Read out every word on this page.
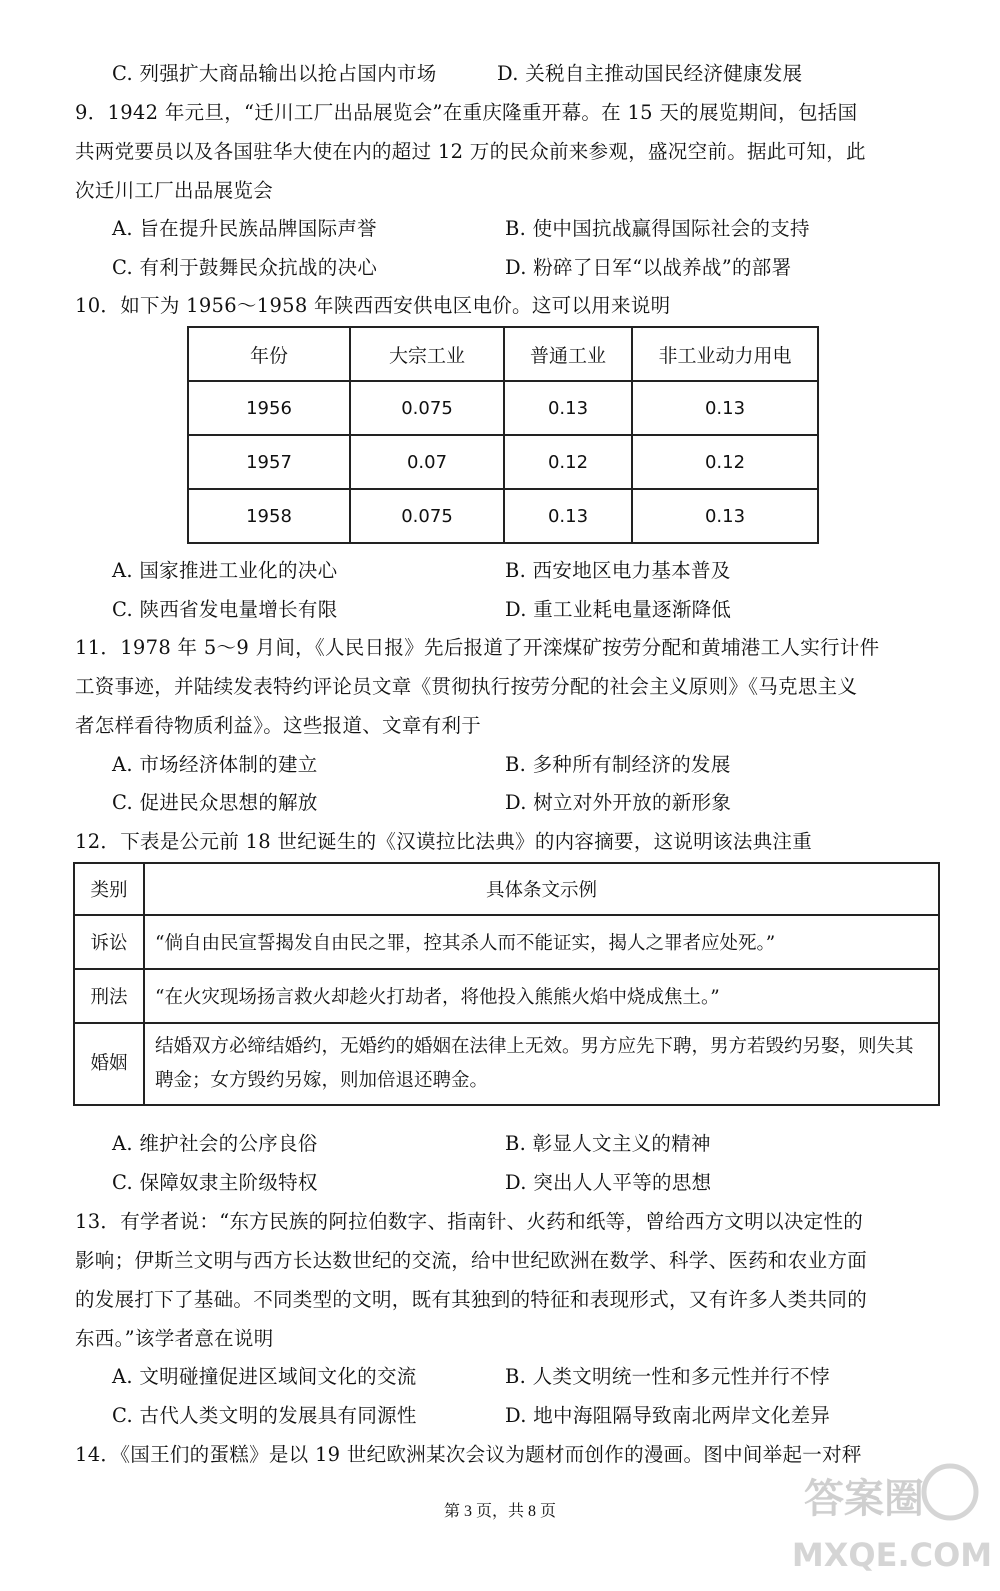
C. 列强扩大商品输出以抢占国内市场	D. 关税自主推动国民经济健康发展
9．1942 年元旦，“迁川工厂出品展览会”在重庆隆重开幕。在 15 天的展览期间，包括国
共两党要员以及各国驻华大使在内的超过 12 万的民众前来参观，盛况空前。据此可知，此
次迁川工厂出品展览会
A. 旨在提升民族品牌国际声誉	B. 使中国抗战赢得国际社会的支持
C. 有利于鼓舞民众抗战的决心	D. 粉碎了日军“以战养战”的部署
10．如下为 1956～1958 年陕西西安供电区电价。这可以用来说明
年份	大宗工业	普通工业	非工业动力用电
1956	0.075	0.13	0.13
1957	0.07	0.12	0.12
1958	0.075	0.13	0.13
A. 国家推进工业化的决心	B. 西安地区电力基本普及
C. 陕西省发电量增长有限	D. 重工业耗电量逐渐降低
11．1978 年 5～9 月间，《人民日报》先后报道了开滦煤矿按劳分配和黄埔港工人实行计件
工资事迹，并陆续发表特约评论员文章《贯彻执行按劳分配的社会主义原则》《马克思主义
者怎样看待物质利益》。这些报道、文章有利于
A. 市场经济体制的建立	B. 多种所有制经济的发展
C. 促进民众思想的解放	D. 树立对外开放的新形象
12．下表是公元前 18 世纪诞生的《汉谟拉比法典》的内容摘要，这说明该法典注重
类别	具体条文示例
诉讼	“倘自由民宣誓揭发自由民之罪，控其杀人而不能证实，揭人之罪者应处死。”
刑法	“在火灾现场扬言救火却趁火打劫者，将他投入熊熊火焰中烧成焦土。”
婚姻	结婚双方必缔结婚约，无婚约的婚姻在法律上无效。男方应先下聘，男方若毁约另娶，则失其聘金；女方毁约另嫁，则加倍退还聘金。
A. 维护社会的公序良俗	B. 彰显人文主义的精神
C. 保障奴隶主阶级特权	D. 突出人人平等的思想
13．有学者说：“东方民族的阿拉伯数字、指南针、火药和纸等，曾给西方文明以决定性的
影响；伊斯兰文明与西方长达数世纪的交流，给中世纪欧洲在数学、科学、医药和农业方面
的发展打下了基础。不同类型的文明，既有其独到的特征和表现形式，又有许多人类共同的
东西。”该学者意在说明
A. 文明碰撞促进区域间文化的交流	B. 人类文明统一性和多元性并行不悖
C. 古代人类文明的发展具有同源性	D. 地中海阻隔导致南北两岸文化差异
14．《国王们的蛋糕》是以 19 世纪欧洲某次会议为题材而创作的漫画。图中间举起一对秤
第 3 页，共 8 页	答案圈
MXQE.COM
